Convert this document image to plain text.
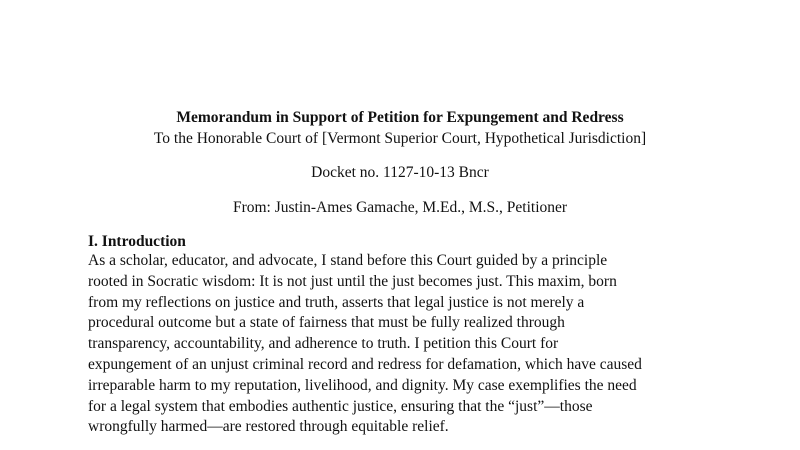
Memorandum in Support of Petition for Expungement and Redress
To the Honorable Court of [Vermont Superior Court, Hypothetical Jurisdiction]
Docket no. 1127-10-13 Bncr
From: Justin-Ames Gamache, M.Ed., M.S., Petitioner
I. Introduction
As a scholar, educator, and advocate, I stand before this Court guided by a principle
rooted in Socratic wisdom: It is not just until the just becomes just. This maxim, born
from my reflections on justice and truth, asserts that legal justice is not merely a
procedural outcome but a state of fairness that must be fully realized through
transparency, accountability, and adherence to truth. I petition this Court for
expungement of an unjust criminal record and redress for defamation, which have caused
irreparable harm to my reputation, livelihood, and dignity. My case exemplifies the need
for a legal system that embodies authentic justice, ensuring that the “just”—those
wrongfully harmed—are restored through equitable relief.
